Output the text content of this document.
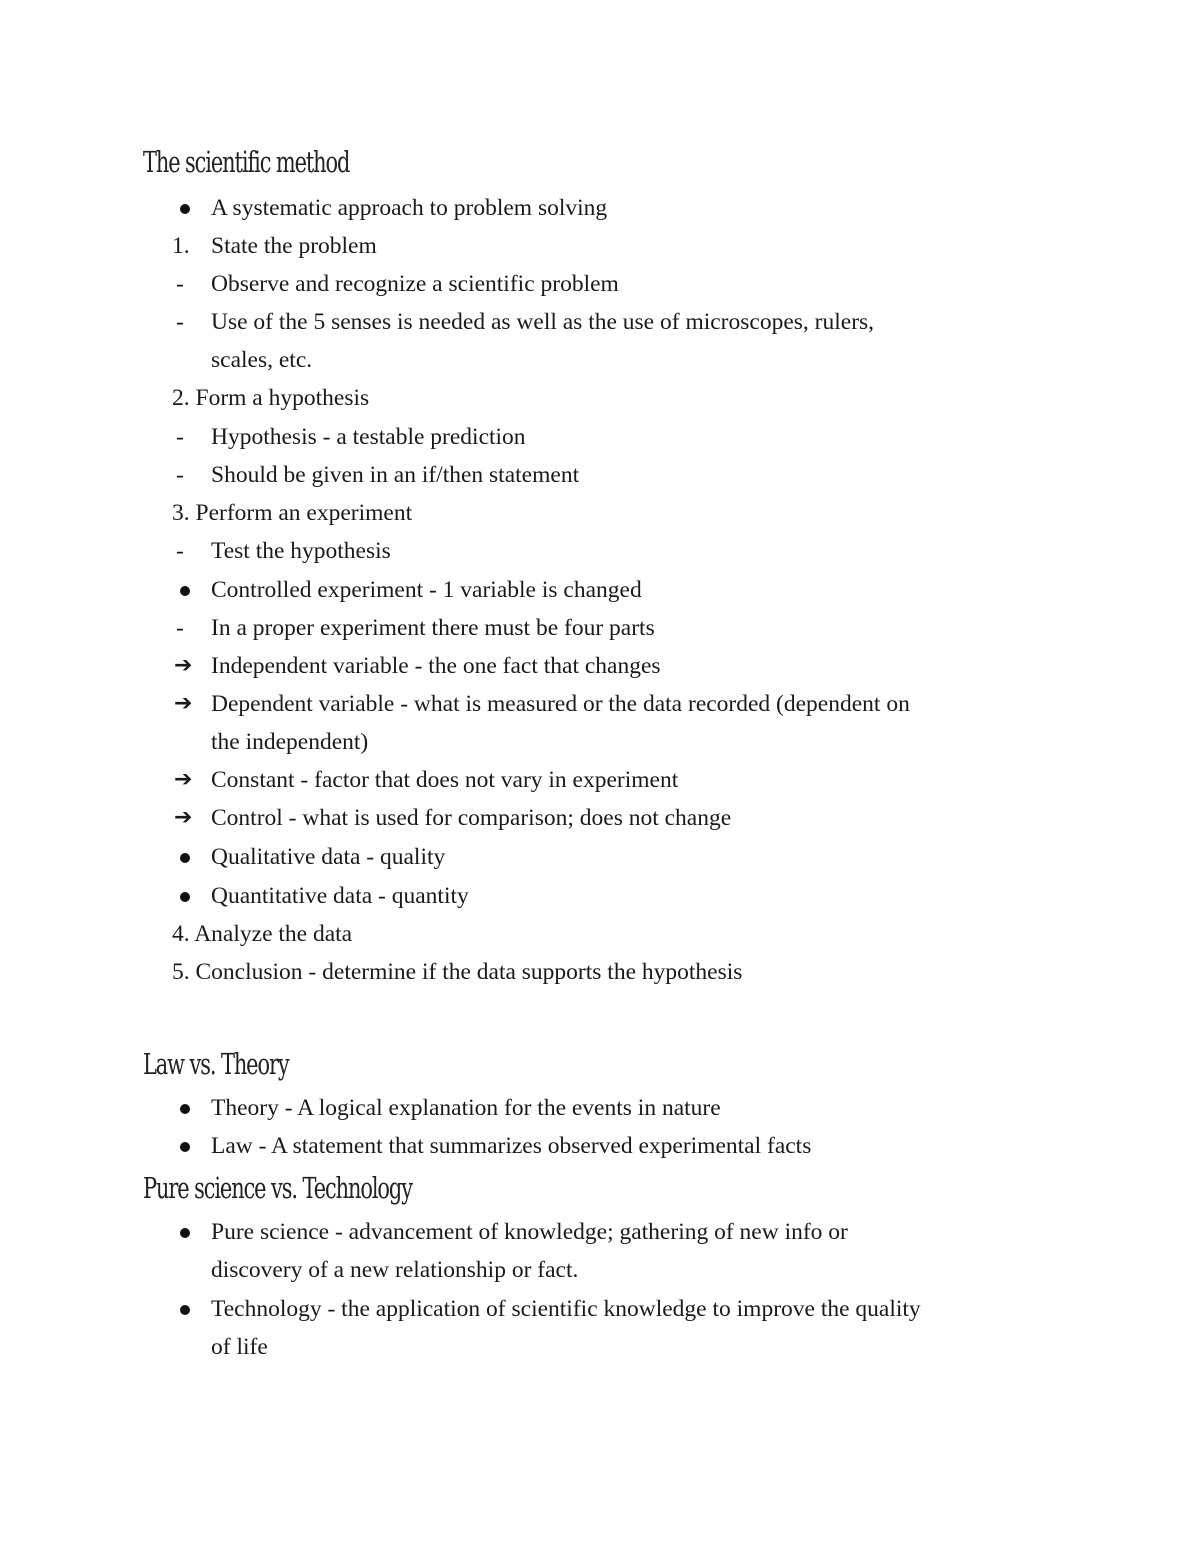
The scientific method
A systematic approach to problem solving
1. State the problem
- Observe and recognize a scientific problem
- Use of the 5 senses is needed as well as the use of microscopes, rulers,
scales, etc.
2. Form a hypothesis
- Hypothesis - a testable prediction
- Should be given in an if/then statement
3. Perform an experiment
- Test the hypothesis
Controlled experiment - 1 variable is changed
- In a proper experiment there must be four parts
➔ Independent variable - the one fact that changes
➔ Dependent variable - what is measured or the data recorded (dependent on
the independent)
➔ Constant - factor that does not vary in experiment
➔ Control - what is used for comparison; does not change
Qualitative data - quality
Quantitative data - quantity
4. Analyze the data
5. Conclusion - determine if the data supports the hypothesis
Law vs. Theory
Theory - A logical explanation for the events in nature
Law - A statement that summarizes observed experimental facts
Pure science vs. Technology
Pure science - advancement of knowledge; gathering of new info or
discovery of a new relationship or fact.
Technology - the application of scientific knowledge to improve the quality
of life
